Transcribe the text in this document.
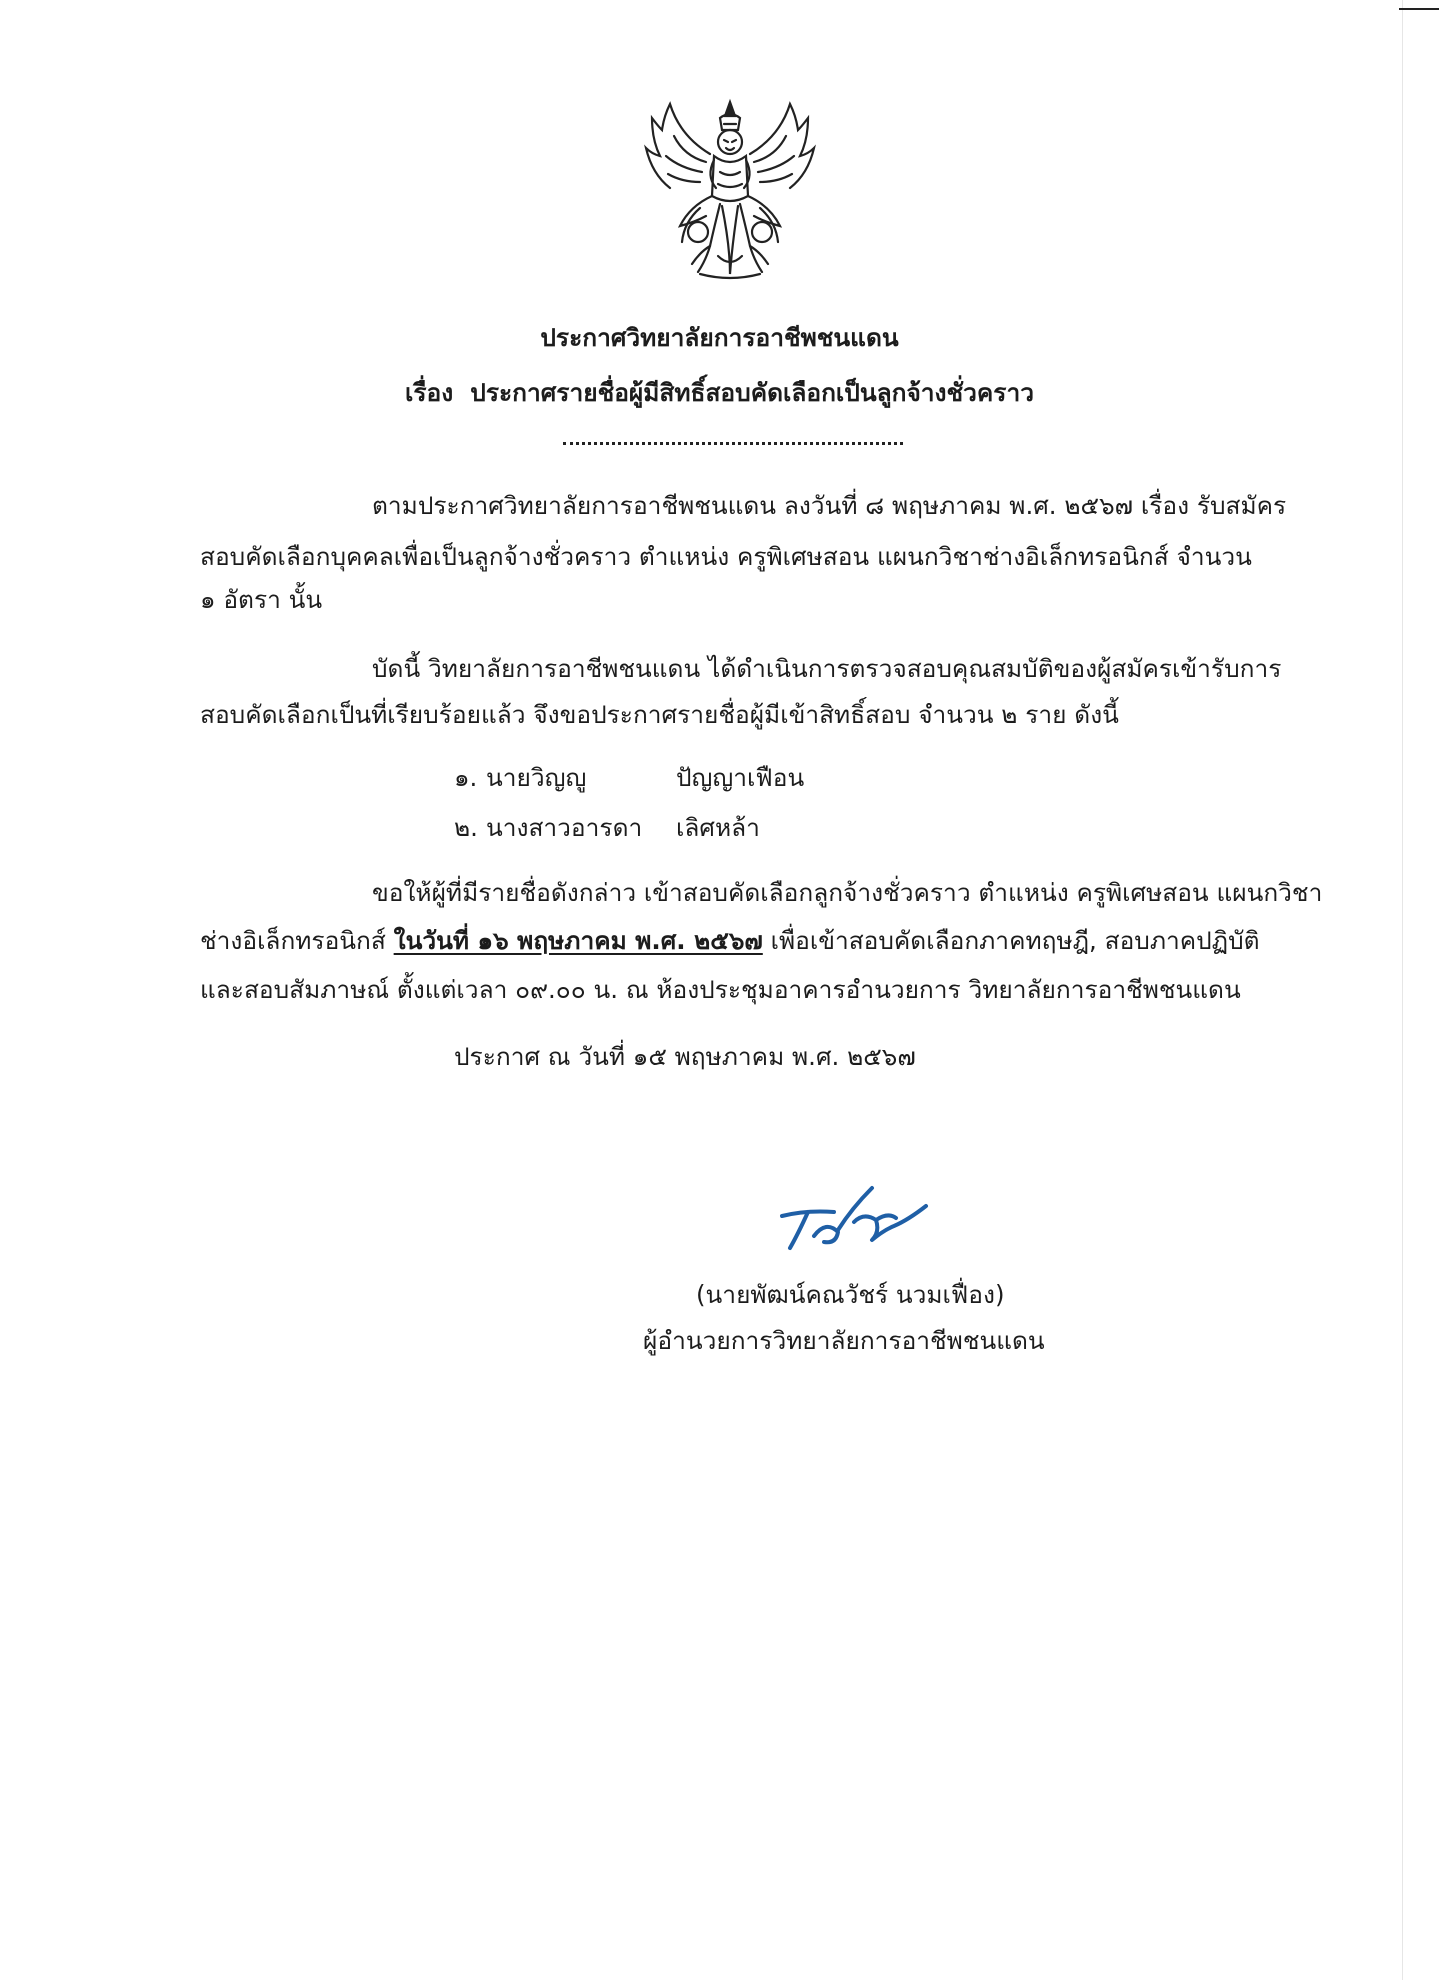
ประกาศวิทยาลัยการอาชีพชนแดน
เรื่อง ประกาศรายชื่อผู้มีสิทธิ์สอบคัดเลือกเป็นลูกจ้างชั่วคราว
ตามประกาศวิทยาลัยการอาชีพชนแดน ลงวันที่ ๘ พฤษภาคม พ.ศ. ๒๕๖๗ เรื่อง รับสมัคร
สอบคัดเลือกบุคคลเพื่อเป็นลูกจ้างชั่วคราว ตำแหน่ง ครูพิเศษสอน แผนกวิชาช่างอิเล็กทรอนิกส์ จำนวน
๑ อัตรา นั้น
บัดนี้ วิทยาลัยการอาชีพชนแดน ได้ดำเนินการตรวจสอบคุณสมบัติของผู้สมัครเข้ารับการ
สอบคัดเลือกเป็นที่เรียบร้อยแล้ว จึงขอประกาศรายชื่อผู้มีเข้าสิทธิ์สอบ จำนวน ๒ ราย ดังนี้
๑. นายวิญญู	ปัญญาเฟือน
๒. นางสาวอารดา เลิศหล้า
ขอให้ผู้ที่มีรายชื่อดังกล่าว เข้าสอบคัดเลือกลูกจ้างชั่วคราว ตำแหน่ง ครูพิเศษสอน แผนกวิชา
ช่างอิเล็กทรอนิกส์ ในวันที่ ๑๖ พฤษภาคม พ.ศ. ๒๕๖๗ เพื่อเข้าสอบคัดเลือกภาคทฤษฎี, สอบภาคปฏิบัติ
และสอบสัมภาษณ์ ตั้งแต่เวลา ๐๙.๐๐ น. ณ ห้องประชุมอาคารอำนวยการ วิทยาลัยการอาชีพชนแดน
ประกาศ ณ วันที่ ๑๕ พฤษภาคม พ.ศ. ๒๕๖๗
(นายพัฒน์คณวัชร์ นวมเฟื่อง)
ผู้อำนวยการวิทยาลัยการอาชีพชนแดน
